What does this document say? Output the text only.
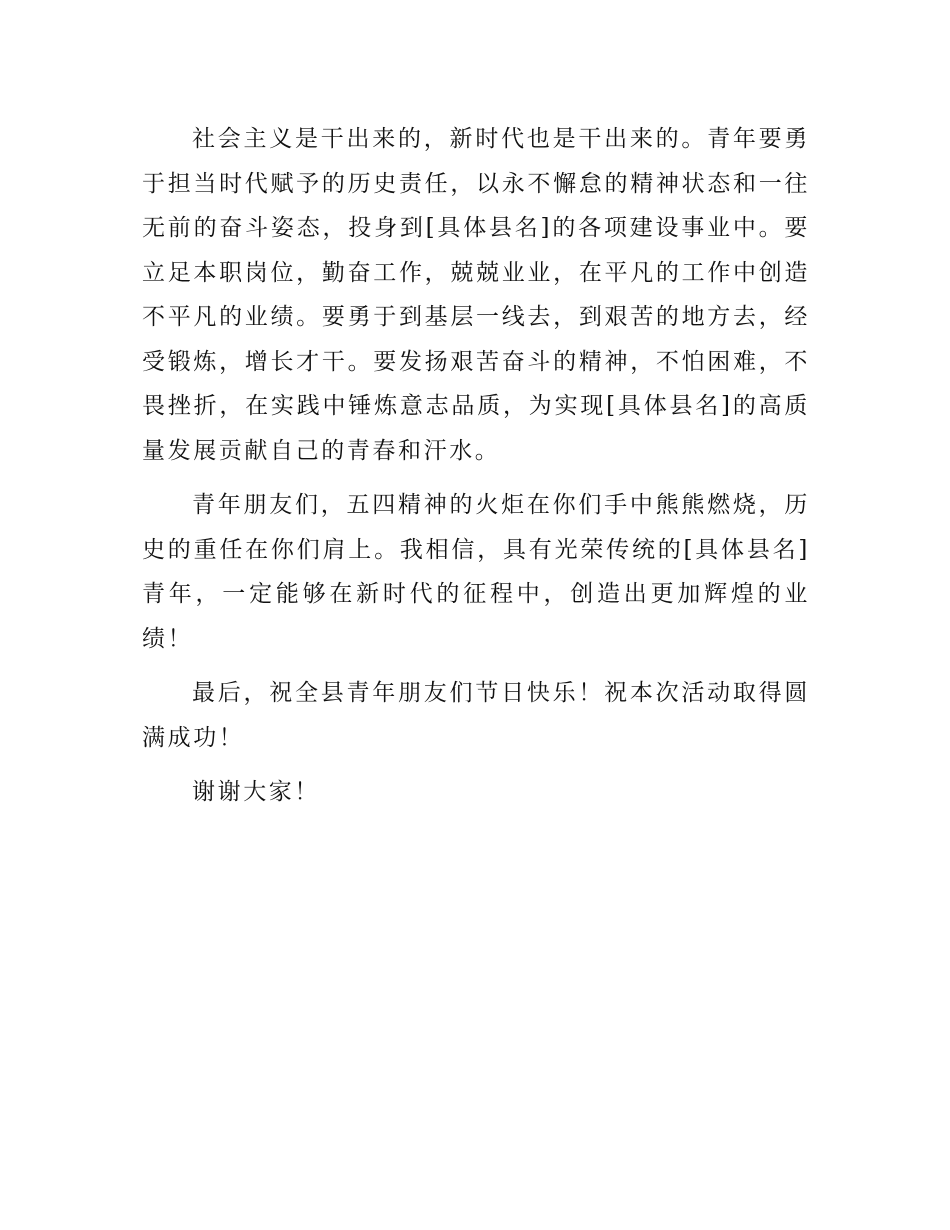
社会主义是干出来的，新时代也是干出来的。青年要勇于担当时代赋予的历史责任，以永不懈怠的精神状态和一往无前的奋斗姿态，投身到[具体县名]的各项建设事业中。要立足本职岗位，勤奋工作，兢兢业业，在平凡的工作中创造不平凡的业绩。要勇于到基层一线去，到艰苦的地方去，经受锻炼，增长才干。要发扬艰苦奋斗的精神，不怕困难，不畏挫折，在实践中锤炼意志品质，为实现[具体县名]的高质量发展贡献自己的青春和汗水。

青年朋友们，五四精神的火炬在你们手中熊熊燃烧，历史的重任在你们肩上。我相信，具有光荣传统的[具体县名]青年，一定能够在新时代的征程中，创造出更加辉煌的业绩！

最后，祝全县青年朋友们节日快乐！祝本次活动取得圆满成功！

谢谢大家！
